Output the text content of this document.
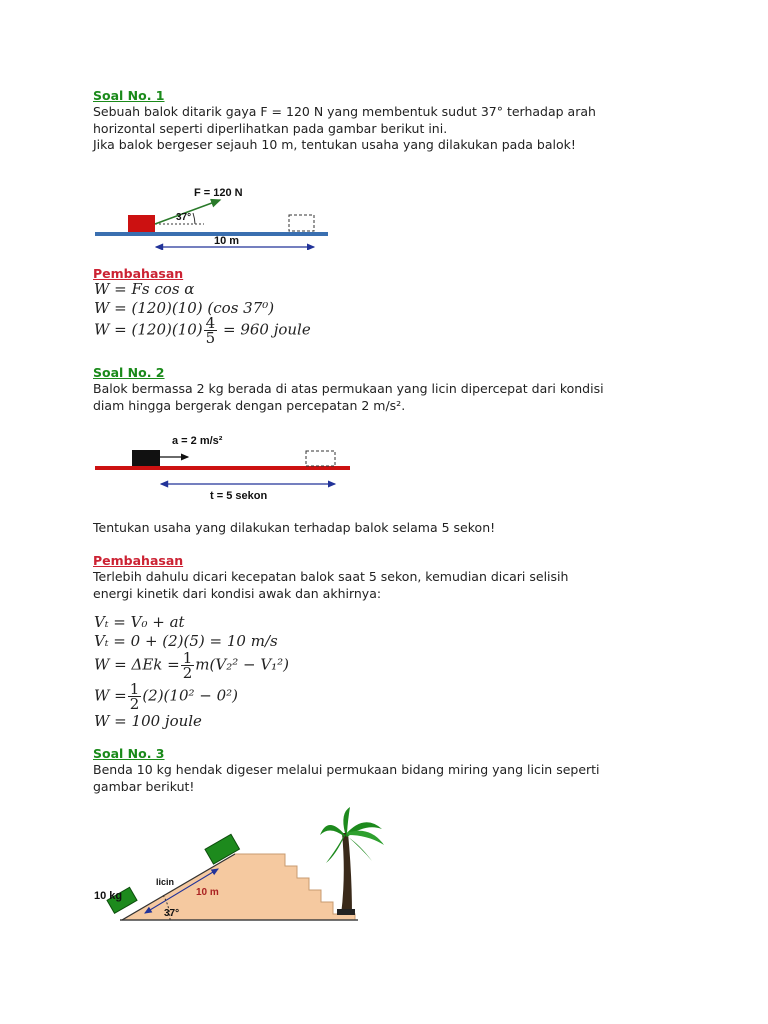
Soal No. 1
Sebuah balok ditarik gaya F = 120 N yang membentuk sudut 37° terhadap arah
horizontal seperti diperlihatkan pada gambar berikut ini.
Jika balok bergeser sejauh 10 m, tentukan usaha yang dilakukan pada balok!
F = 120 N
37°
10 m
Pembahasan
W = Fs cos α
W = (120)(10) (cos 37⁰)
$W = (120)(10) \frac{4}{5} = 960$ joule
Soal No. 2
Balok bermassa 2 kg berada di atas permukaan yang licin dipercepat dari kondisi
diam hingga bergerak dengan percepatan 2 m/s².
a = 2 m/s²
t = 5 sekon
Tentukan usaha yang dilakukan terhadap balok selama 5 sekon!
Pembahasan
Terlebih dahulu dicari kecepatan balok saat 5 sekon, kemudian dicari selisih
energi kinetik dari kondisi awak dan akhirnya:
Vₜ = V₀ + at
Vₜ = 0 + (2)(5) = 10 m/s
$W = \Delta Ek = \frac{1}{2} m(V_2^2 - V_1^2)$
$W = \frac{1}{2} (2)(10^2 - 0^2)$
W = 100 joule
Soal No. 3
Benda 10 kg hendak digeser melalui permukaan bidang miring yang licin seperti
gambar berikut!
10 kg
licin
10 m
37°
